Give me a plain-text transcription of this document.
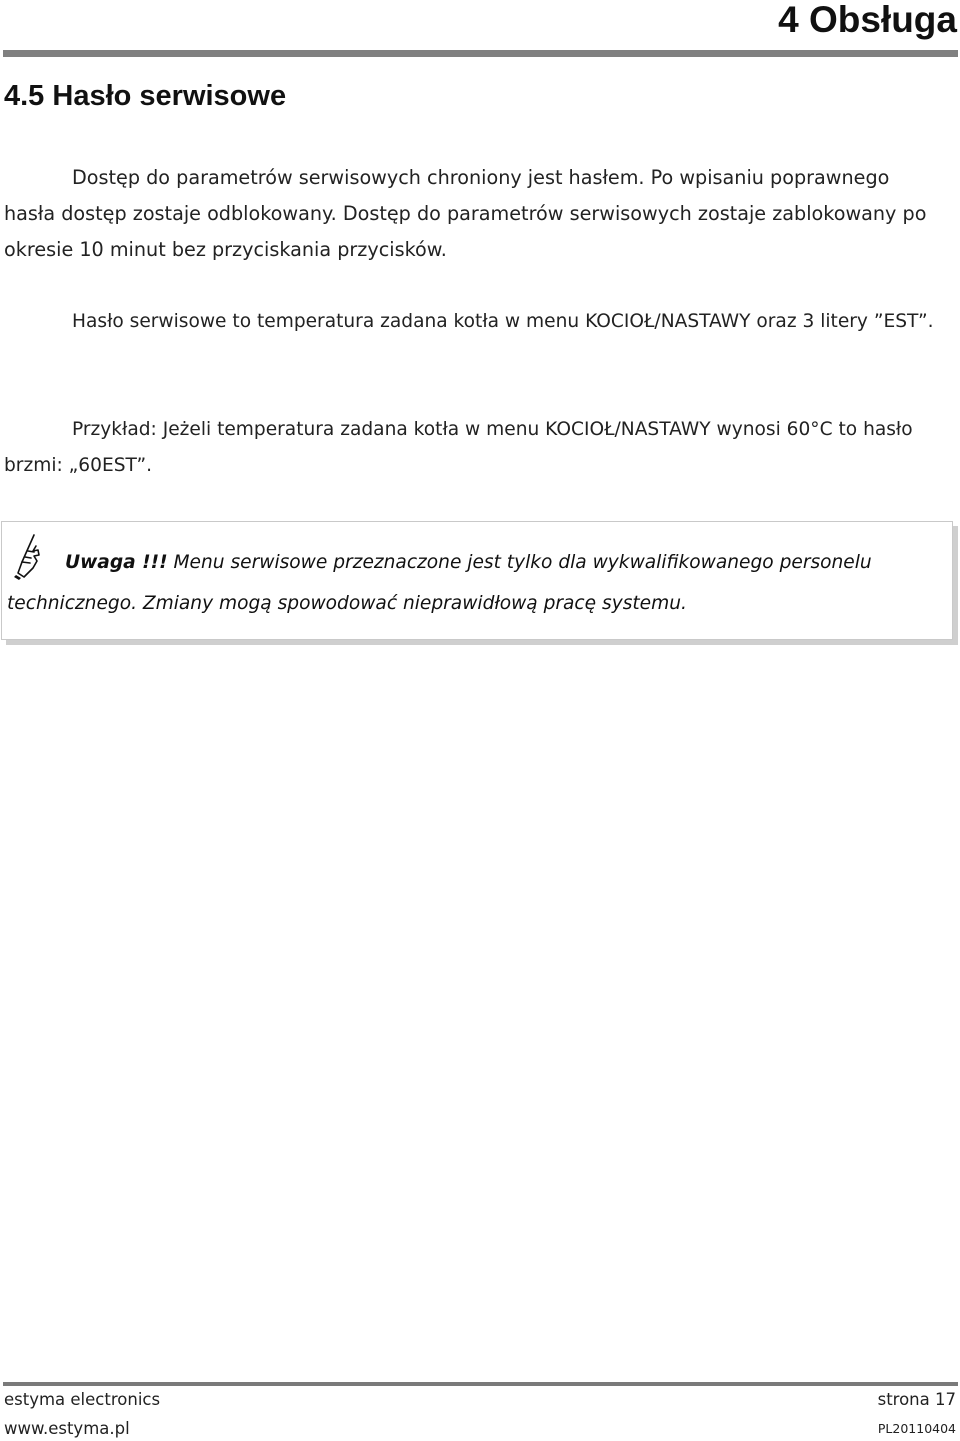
4 Obsługa
4.5 Hasło serwisowe

Dostęp do parametrów serwisowych chroniony jest hasłem. Po wpisaniu poprawnego hasła dostęp zostaje odblokowany. Dostęp do parametrów serwisowych zostaje zablokowany po okresie 10 minut bez przyciskania przycisków.

Hasło serwisowe to temperatura zadana kotła w menu KOCIOŁ/NASTAWY oraz 3 litery ”EST”.

Przykład: Jeżeli temperatura zadana kotła w menu KOCIOŁ/NASTAWY wynosi 60°C to hasło brzmi: „60EST”.

Uwaga !!! Menu serwisowe przeznaczone jest tylko dla wykwalifikowanego personelu technicznego. Zmiany mogą spowodować nieprawidłową pracę systemu.

estyma electronics

www.estyma.pl

strona 17

PL20110404
